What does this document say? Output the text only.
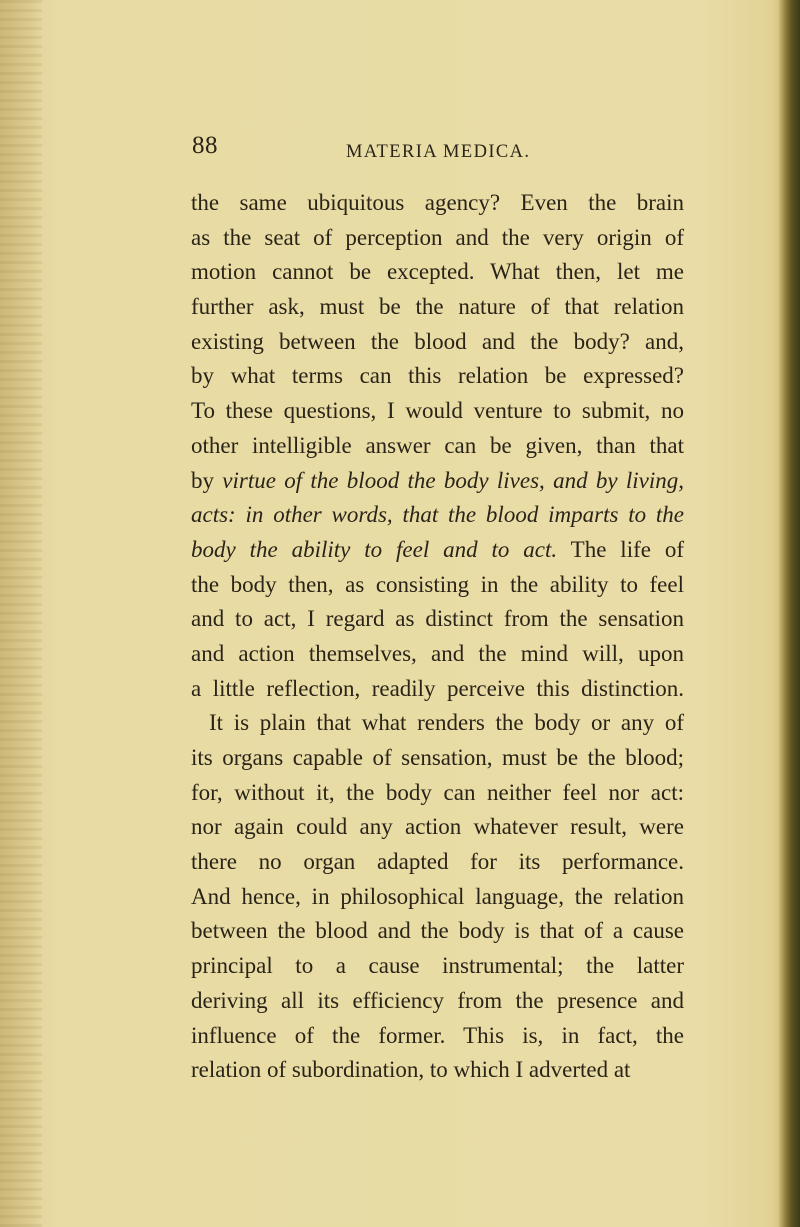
88	MATERIA MEDICA.
the same ubiquitous agency? Even the brain
as the seat of perception and the very origin of
motion cannot be excepted. What then, let me
further ask, must be the nature of that relation
existing between the blood and the body? and,
by what terms can this relation be expressed?
To these questions, I would venture to submit, no
other intelligible answer can be given, than that
by virtue of the blood the body lives, and by living,
acts: in other words, that the blood imparts to the
body the ability to feel and to act. The life of
the body then, as consisting in the ability to feel
and to act, I regard as distinct from the sensation
and action themselves, and the mind will, upon
a little reflection, readily perceive this distinction.
It is plain that what renders the body or any of
its organs capable of sensation, must be the blood;
for, without it, the body can neither feel nor act:
nor again could any action whatever result, were
there no organ adapted for its performance.
And hence, in philosophical language, the relation
between the blood and the body is that of a cause
principal to a cause instrumental; the latter
deriving all its efficiency from the presence and
influence of the former. This is, in fact, the
relation of subordination, to which I adverted at
